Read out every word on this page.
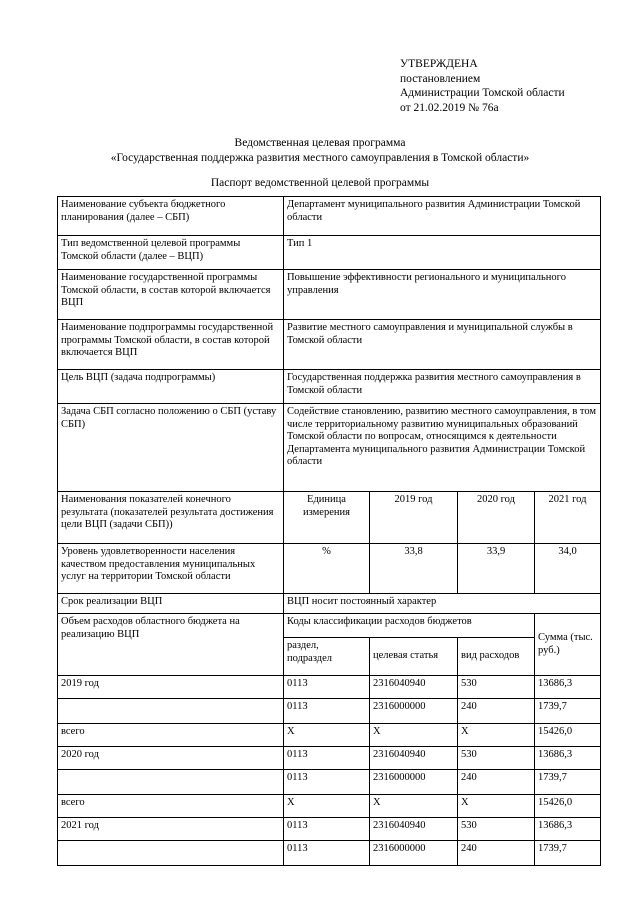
УТВЕРЖДЕНА
постановлением
Администрации Томской области
от 21.02.2019 № 76а
Ведомственная целевая программа
«Государственная поддержка развития местного самоуправления в Томской области»
Паспорт ведомственной целевой программы
Наименование субъекта бюджетного планирования (далее – СБП)	Департамент муниципального развития Администрации Томской области			
Тип ведомственной целевой программы Томской области (далее – ВЦП)	Тип 1			
Наименование государственной программы Томской области, в состав которой включается ВЦП	Повышение эффективности регионального и муниципального управления			
Наименование подпрограммы государственной программы Томской области, в состав которой включается ВЦП	Развитие местного самоуправления и муниципальной службы в Томской области			
Цель ВЦП (задача подпрограммы)	Государственная поддержка развития местного самоуправления в Томской области			
Задача СБП согласно положению о СБП (уставу СБП)	Содействие становлению, развитию местного самоуправления, в том числе территориальному развитию муниципальных образований Томской области по вопросам, относящимся к деятельности Департамента муниципального развития Администрации Томской области			
Наименования показателей конечного результата (показателей результата достижения цели ВЦП (задачи СБП))	Единица измерения	2019 год	2020 год	2021 год
Уровень удовлетворенности населения качеством предоставления муниципальных услуг на территории Томской области	%	33,8	33,9	34,0
Срок реализации ВЦП	ВЦП носит постоянный характер			
Объем расходов областного бюджета на реализацию ВЦП	Коды классификации расходов бюджетов			Сумма (тыс. руб.)
	раздел, подраздел	целевая статья	вид расходов	
2019 год	0113	2316040940	530	13686,3
	0113	2316000000	240	1739,7
всего	Х	Х	Х	15426,0
2020 год	0113	2316040940	530	13686,3
	0113	2316000000	240	1739,7
всего	Х	Х	Х	15426,0
2021 год	0113	2316040940	530	13686,3
	0113	2316000000	240	1739,7
